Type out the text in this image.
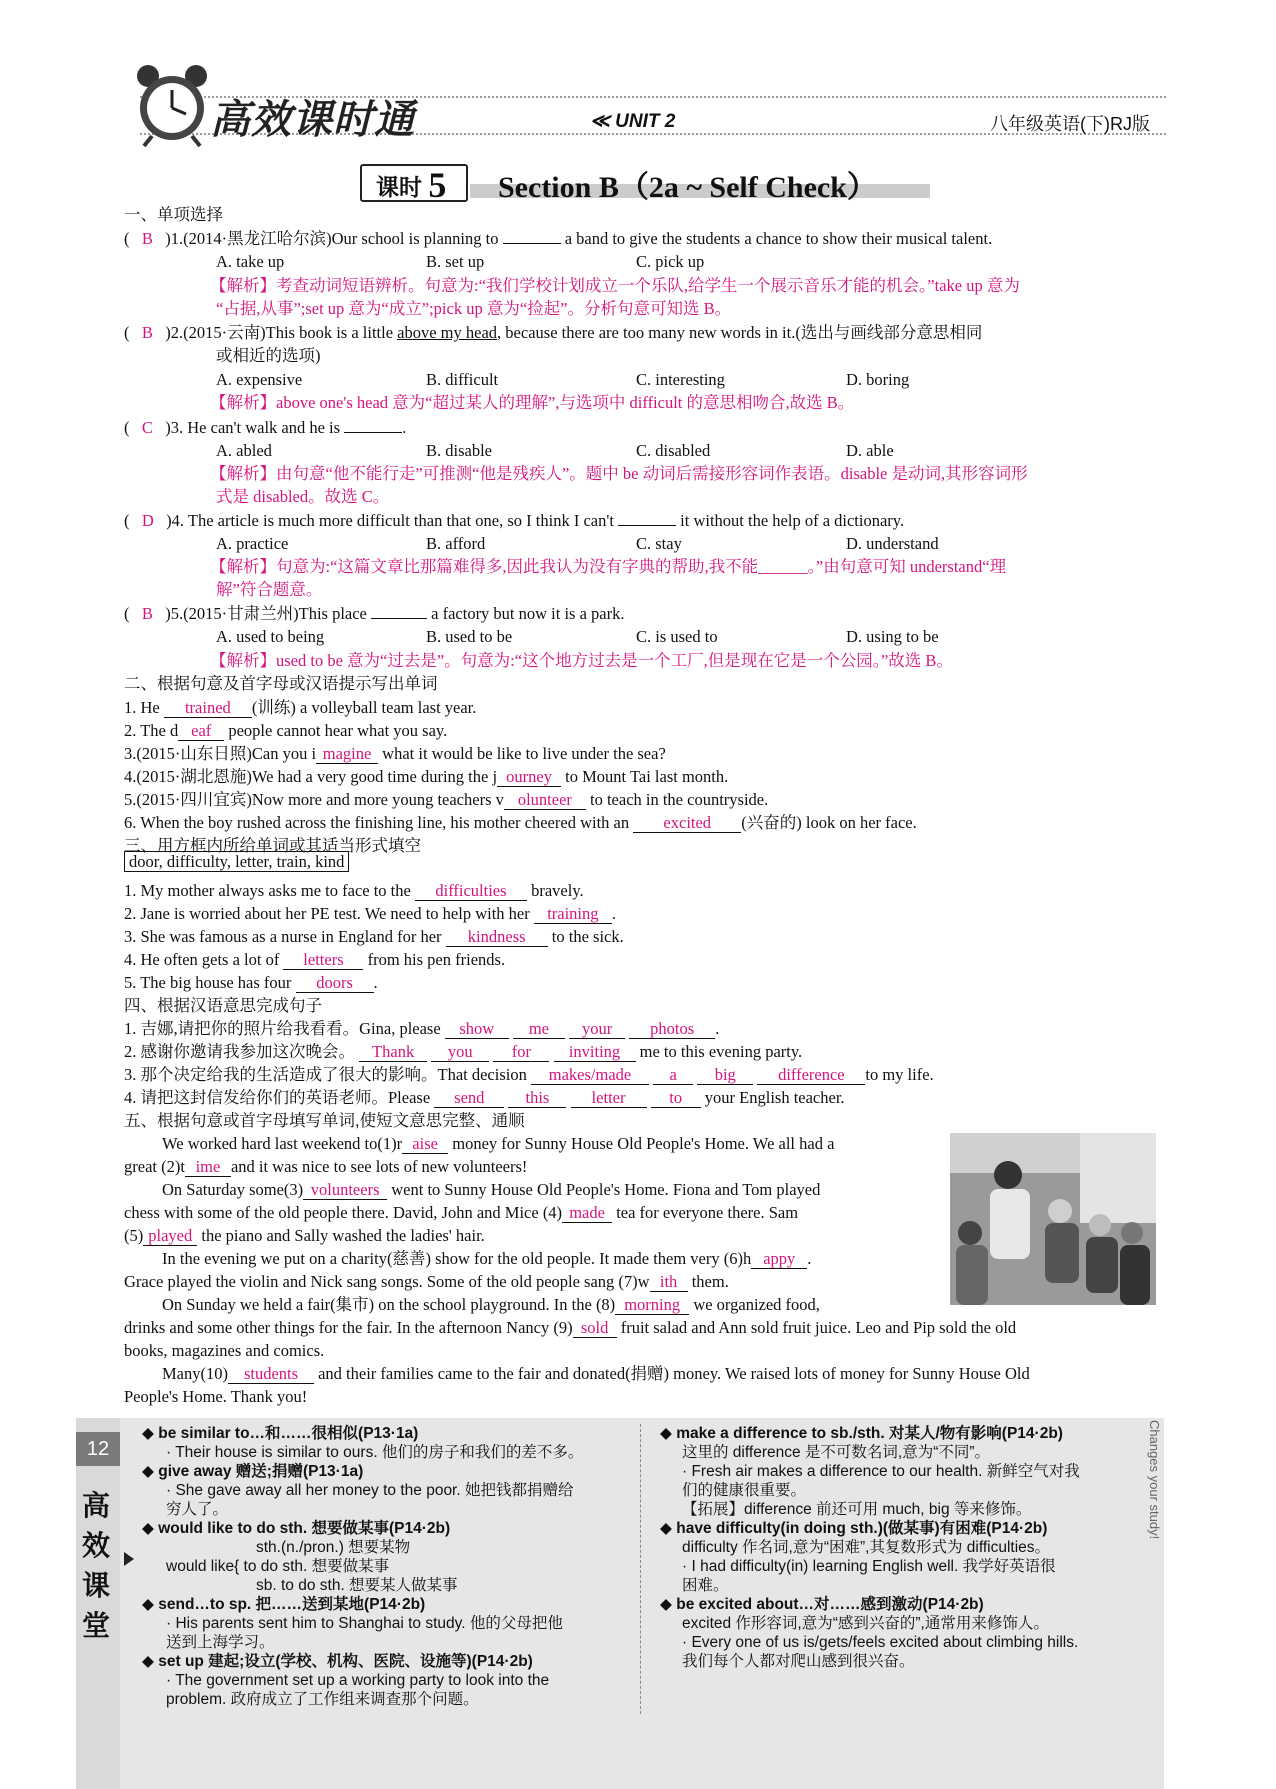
高效课时通	≪ UNIT 2	八年级英语(下)RJ版
课时 5	Section B（2a ~ Self Check）
一、单项选择
(   B )1.(2014·黑龙江哈尔滨)Our school is planning to	a band to give the students a chance to show their musical talent.
A. take up	B. set up	C. pick up
【解析】考查动词短语辨析。句意为:“我们学校计划成立一个乐队,给学生一个展示音乐才能的机会。”take up 意为
“占据,从事”;set up 意为“成立”;pick up 意为“捡起”。分析句意可知选 B。
(   B )2.(2015·云南)This book is a little above my head, because there are too many new words in it.(选出与画线部分意思相同
或相近的选项)
A. expensive	B. difficult	C. interesting	D. boring
【解析】above one's head 意为“超过某人的理解”,与选项中 difficult 的意思相吻合,故选 B。
(   C )3. He can't walk and he is	.
A. abled	B. disable	C. disabled	D. able
【解析】由句意“他不能行走”可推测“他是残疾人”。题中 be 动词后需接形容词作表语。disable 是动词,其形容词形
式是 disabled。故选 C。
(   D )4. The article is much more difficult than that one, so I think I can't	it without the help of a dictionary.
A. practice	B. afford	C. stay	D. understand
【解析】句意为:“这篇文章比那篇难得多,因此我认为没有字典的帮助,我不能______。”由句意可知 understand“理
解”符合题意。
(   B )5.(2015·甘肃兰州)This place	a factory but now it is a park.
A. used to being	B. used to be	C. is used to	D. using to be
【解析】used to be 意为“过去是”。句意为:“这个地方过去是一个工厂,但是现在它是一个公园。”故选 B。
二、根据句意及首字母或汉语提示写出单词
1. He trained (训练) a volleyball team last year.
2. The d eaf people cannot hear what you say.
3.(2015·山东日照)Can you i magine what it would be like to live under the sea?
4.(2015·湖北恩施)We had a very good time during the j ourney to Mount Tai last month.
5.(2015·四川宜宾)Now more and more young teachers v olunteer to teach in the countryside.
6. When the boy rushed across the finishing line, his mother cheered with an excited (兴奋的) look on her face.
三、用方框内所给单词或其适当形式填空
door, difficulty, letter, train, kind
1. My mother always asks me to face to the difficulties bravely.
2. Jane is worried about her PE test. We need to help with her training .
3. She was famous as a nurse in England for her kindness to the sick.
4. He often gets a lot of letters from his pen friends.
5. The big house has four doors .
四、根据汉语意思完成句子
1. 吉娜,请把你的照片给我看看。Gina, please show me your photos .
2. 感谢你邀请我参加这次晚会。 Thank you for inviting me to this evening party.
3. 那个决定给我的生活造成了很大的影响。That decision makes/made a big	difference to my life.
4. 请把这封信发给你们的英语老师。Please send this	letter	to your English teacher.
五、根据句意或首字母填写单词,使短文意思完整、通顺
We worked hard last weekend to(1)r aise money for Sunny House Old People's Home. We all had a
great (2)t ime and it was nice to see lots of new volunteers!
On Saturday some(3) volunteers went to Sunny House Old People's Home. Fiona and Tom played
chess with some of the old people there. David, John and Mice (4) made tea for everyone there. Sam
(5) played the piano and Sally washed the ladies' hair.
In the evening we put on a charity(慈善) show for the old people. It made them very (6)h appy .
Grace played the violin and Nick sang songs. Some of the old people sang (7)w ith them.
On Sunday we held a fair(集市) on the school playground. In the (8) morning we organized food,
drinks and some other things for the fair. In the afternoon Nancy (9) sold fruit salad and Ann sold fruit juice. Leo and Pip sold the old
books, magazines and comics.
Many(10) students and their families came to the fair and donated(捐赠) money. We raised lots of money for Sunny House Old
People's Home. Thank you!
12
高
效
课
堂
Changes your study!
◆ be similar to…和……很相似(P13·1a)
· Their house is similar to ours. 他们的房子和我们的差不多。
◆ give away 赠送;捐赠(P13·1a)
· She gave away all her money to the poor. 她把钱都捐赠给
穷人了。
◆ would like to do sth. 想要做某事(P14·2b)
sth.(n./pron.) 想要某物
would like{ to do sth. 想要做某事
sb. to do sth. 想要某人做某事
◆ send…to sp. 把……送到某地(P14·2b)
· His parents sent him to Shanghai to study. 他的父母把他
送到上海学习。
◆ set up 建起;设立(学校、机构、医院、设施等)(P14·2b)
· The government set up a working party to look into the
problem. 政府成立了工作组来调查那个问题。
◆ make a difference to sb./sth. 对某人/物有影响(P14·2b)
这里的 difference 是不可数名词,意为“不同”。
· Fresh air makes a difference to our health. 新鲜空气对我
们的健康很重要。
【拓展】difference 前还可用 much, big 等来修饰。
◆ have difficulty(in doing sth.)(做某事)有困难(P14·2b)
difficulty 作名词,意为“困难”,其复数形式为 difficulties。
· I had difficulty(in) learning English well. 我学好英语很
困难。
◆ be excited about…对……感到激动(P14·2b)
excited 作形容词,意为“感到兴奋的”,通常用来修饰人。
· Every one of us is/gets/feels excited about climbing hills.
我们每个人都对爬山感到很兴奋。
